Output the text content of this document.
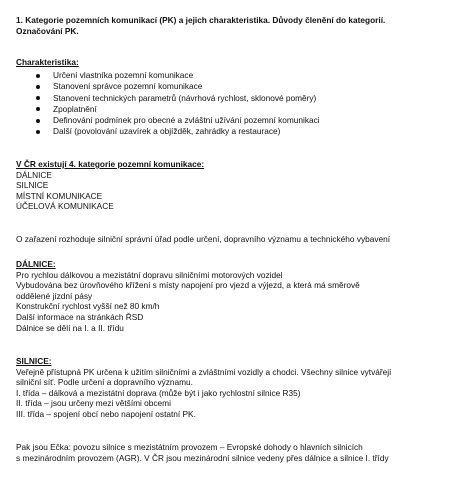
1. Kategorie pozemních komunikací (PK) a jejich charakteristika. Důvody členění do kategorií.
Označování PK.
Charakteristika:
Určení vlastníka pozemní komunikace
Stanovení správce pozemní komunikace
Stanovení technických parametrů (návrhová rychlost, sklonové poměry)
Zpoplatnění
Definování podmínek pro obecné a zvláštní užívání pozemní komunikaci
Další (povolování uzavírek a objížděk, zahrádky a restaurace)
V ČR existují 4. kategorie pozemní komunikace:
DÁLNICE
SILNICE
MÍSTNÍ KOMUNIKACE
ÚČELOVÁ KOMUNIKACE
O zařazení rozhoduje silniční správní úřad podle určení, dopravního významu a technického vybavení
DÁLNICE:
Pro rychlou dálkovou a mezistátní dopravu silničními motorových vozidel
Vybudována bez úrovňového křížení s místy napojení pro vjezd a výjezd, a která má směrově
oddělené jízdní pásy
Konstrukční rychlost vyšší než 80 km/h
Další informace na stránkách ŘSD
Dálnice se dělí na I. a II. třídu
SILNICE:
Veřejně přístupná PK určena k užitím silničními a zvláštními vozidly a chodci. Všechny silnice vytvářejí
silniční síť. Podle určení a dopravního významu.
I. třída – dálková a mezistátní doprava (může být i jako rychlostní silnice R35)
II. třída – jsou určeny mezi většími obcemi
III. třída – spojení obcí nebo napojení ostatní PK.
Pak jsou Ečka: povozu silnice s mezistátním provozem – Evropské dohody o hlavních silnicích
s mezinárodním provozem (AGR). V ČR jsou mezinárodní silnice vedeny přes dálnice a silnice I. třídy
